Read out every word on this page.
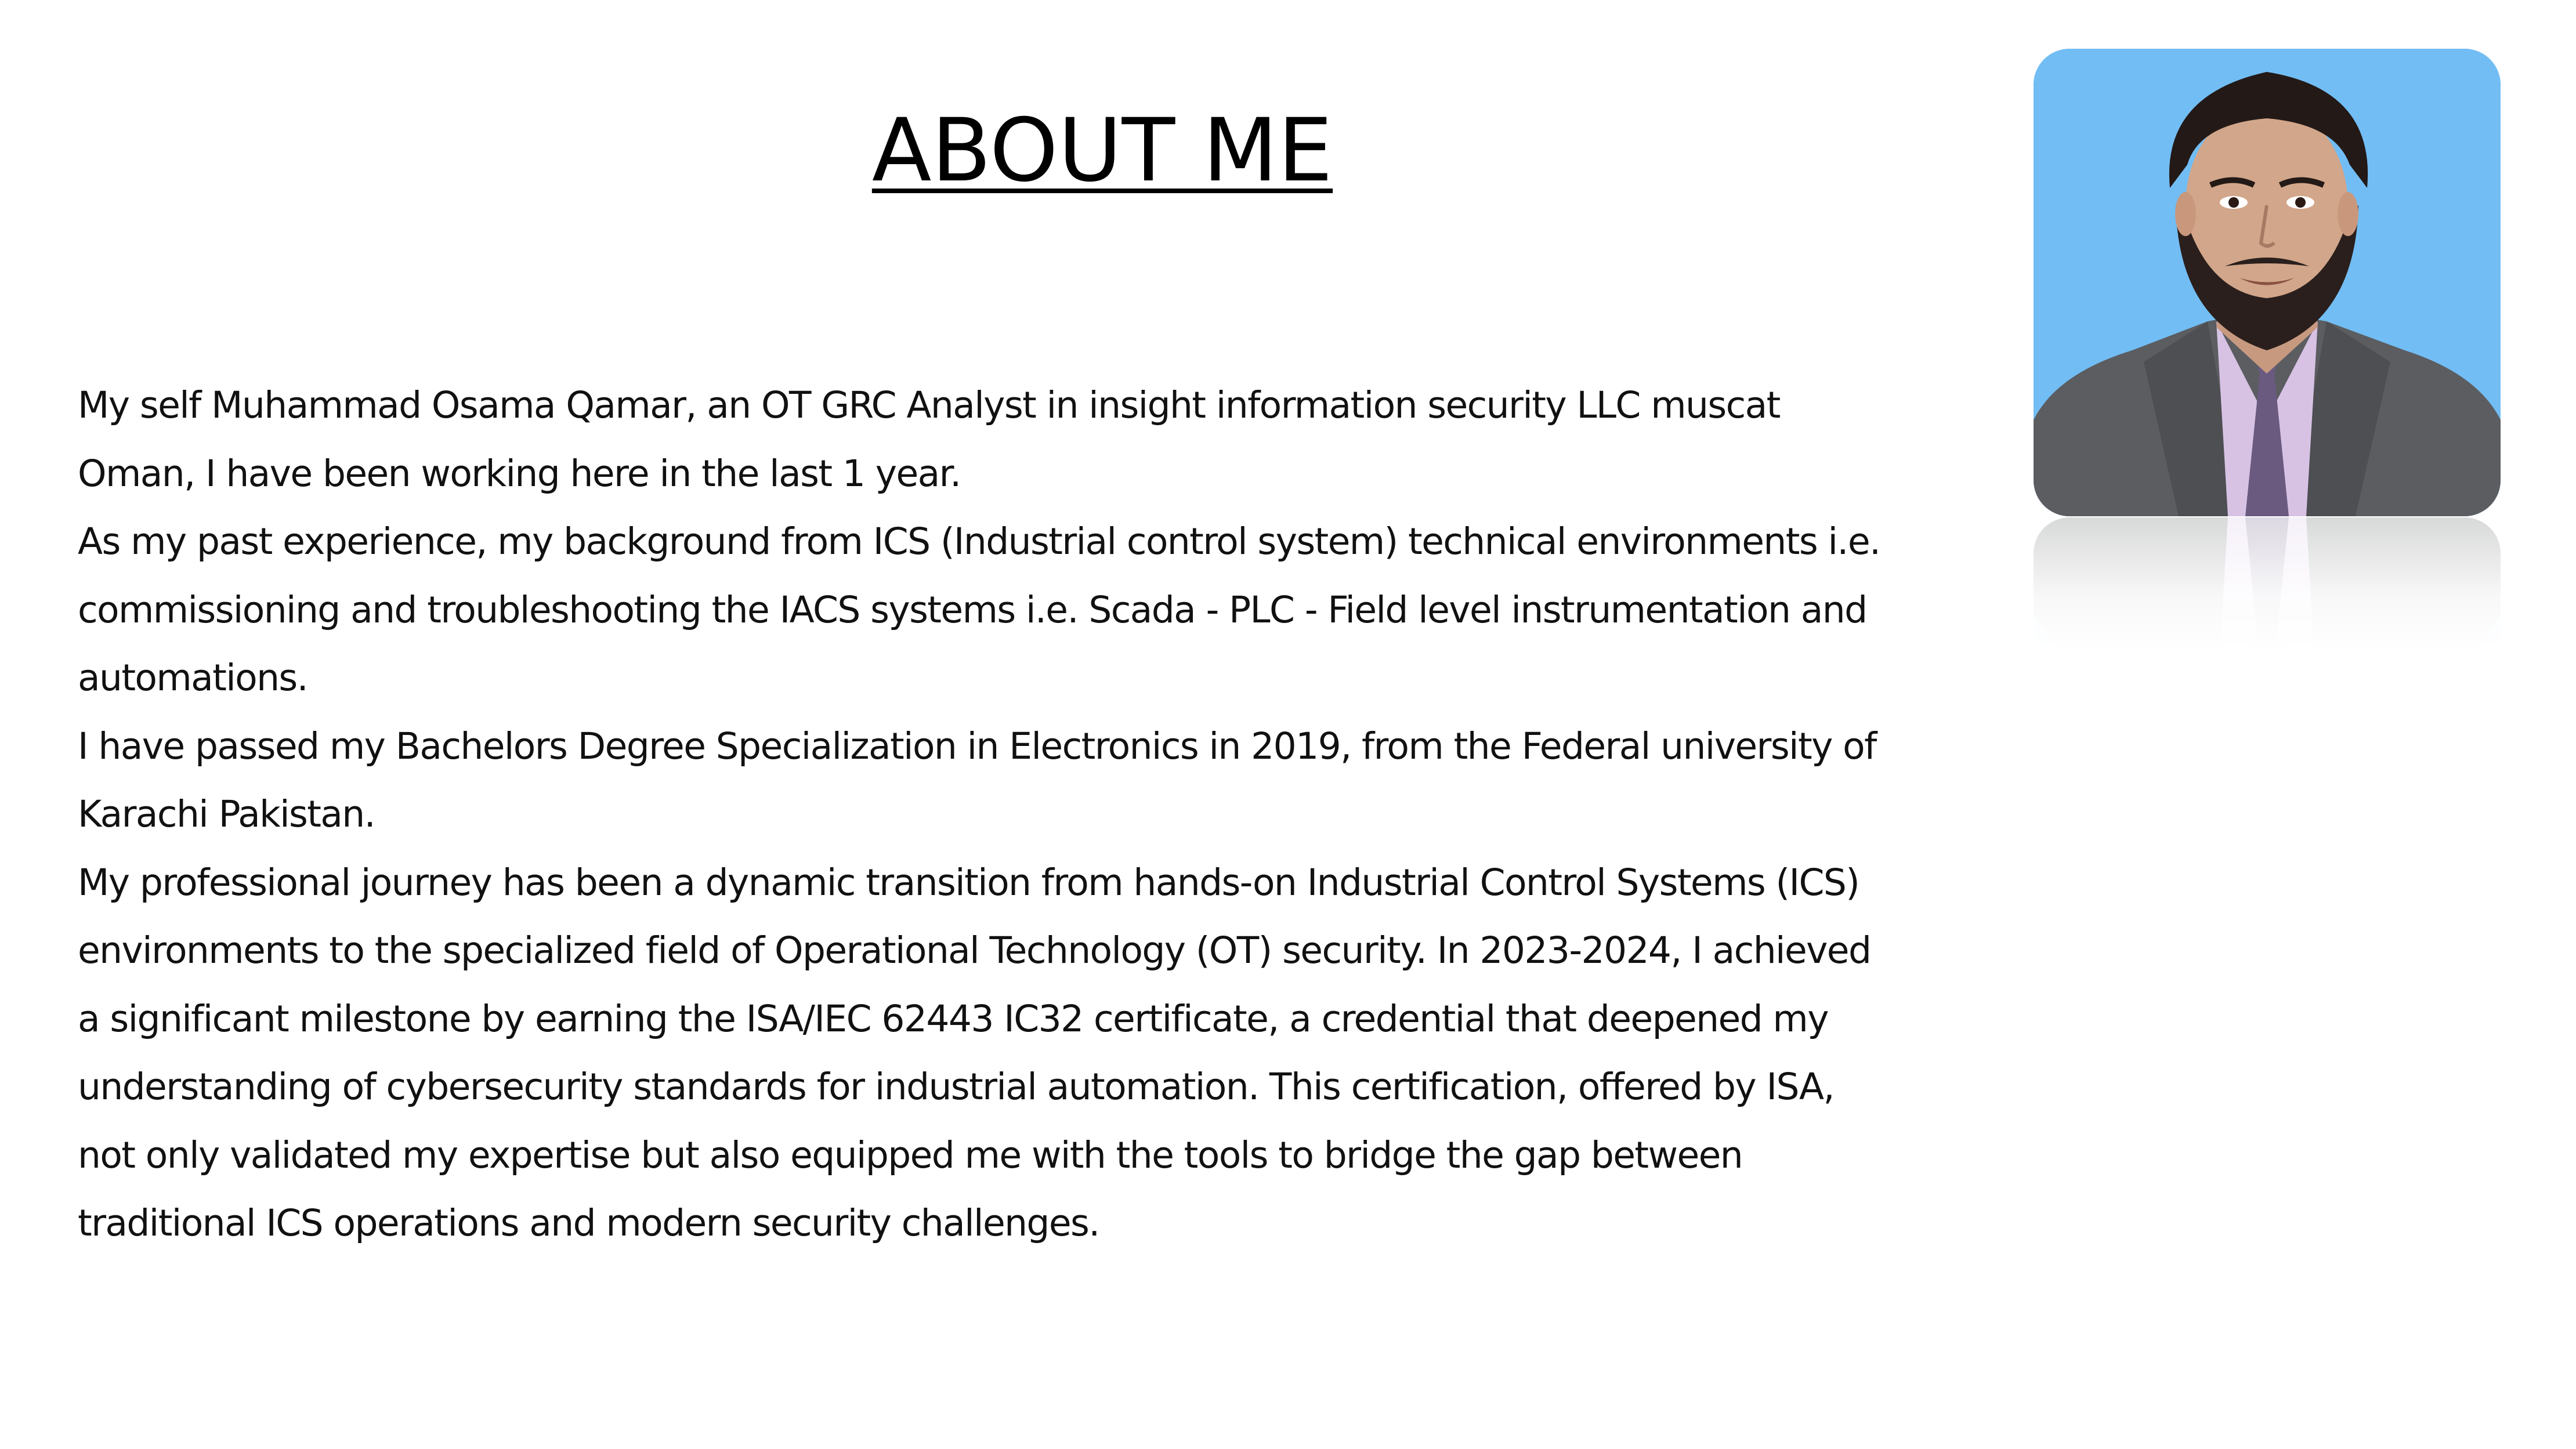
ABOUT ME
My self Muhammad Osama Qamar, an OT GRC Analyst in insight information security LLC muscat
Oman, I have been working here in the last 1 year.
As my past experience, my background from ICS (Industrial control system) technical environments i.e.
commissioning and troubleshooting the IACS systems i.e. Scada - PLC - Field level instrumentation and
automations.
I have passed my Bachelors Degree Specialization in Electronics in 2019, from the Federal university of
Karachi Pakistan.
My professional journey has been a dynamic transition from hands-on Industrial Control Systems (ICS)
environments to the specialized field of Operational Technology (OT) security. In 2023-2024, I achieved
a significant milestone by earning the ISA/IEC 62443 IC32 certificate, a credential that deepened my
understanding of cybersecurity standards for industrial automation. This certification, offered by ISA,
not only validated my expertise but also equipped me with the tools to bridge the gap between
traditional ICS operations and modern security challenges.
